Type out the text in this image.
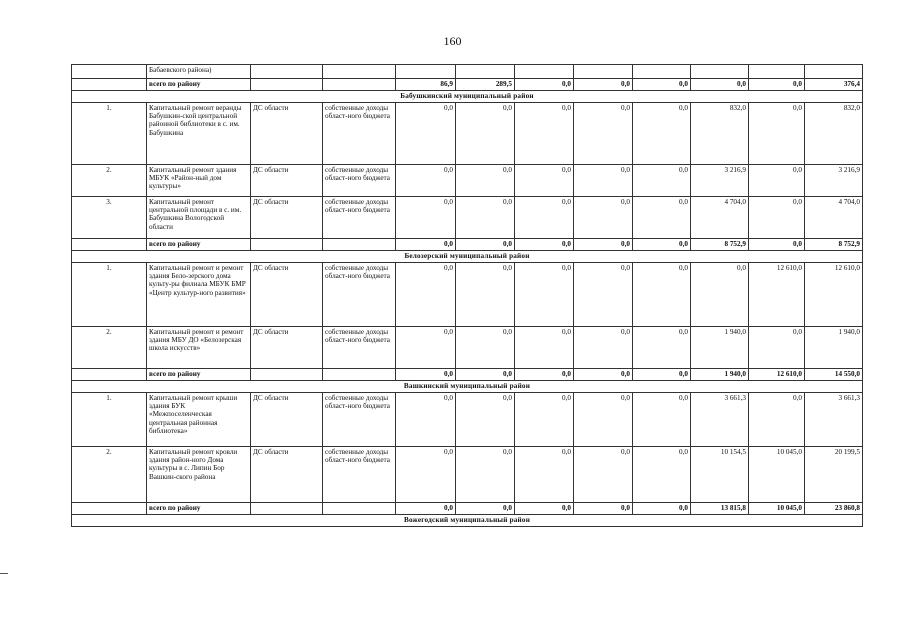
160
	Бабаевского района)										
	всего по району			86,9	289,5	0,0	0,0	0,0	0,0	0,0	376,4
Бабушкинский муниципальный район											
1.	Капитальный ремонт веранды Бабушкин-ской центральной районной библиотеки в с. им. Бабушкина	ДС области	собственные доходы област-ного бюджета	0,0	0,0	0,0	0,0	0,0	832,0	0,0	832,0
2.	Капитальный ремонт здания МБУК «Район-ный дом культуры»	ДС области	собственные доходы област-ного бюджета	0,0	0,0	0,0	0,0	0,0	3 216,9	0,0	3 216,9
3.	Капитальный ремонт центральной площади в с. им. Бабушкина Вологодской области	ДС области	собственные доходы област-ного бюджета	0,0	0,0	0,0	0,0	0,0	4 704,0	0,0	4 704,0
	всего по району			0,0	0,0	0,0	0,0	0,0	8 752,9	0,0	8 752,9
Белозерский муниципальный район											
1.	Капитальный ремонт и ремонт здания Бело-зерского дома культу-ры филиала МБУК БМР «Центр культур-ного развития»	ДС области	собственные доходы област-ного бюджета	0,0	0,0	0,0	0,0	0,0	0,0	12 610,0	12 610,0
2.	Капитальный ремонт и ремонт здания МБУ ДО «Белозерская школа искусств»	ДС области	собственные доходы област-ного бюджета	0,0	0,0	0,0	0,0	0,0	1 940,0	0,0	1 940,0
	всего по району			0,0	0,0	0,0	0,0	0,0	1 940,0	12 610,0	14 550,0
Вашкинский муниципальный район											
1.	Капитальный ремонт крыши здания БУК «Межпоселенческая центральная районная библиотека»	ДС области	собственные доходы област-ного бюджета	0,0	0,0	0,0	0,0	0,0	3 661,3	0,0	3 661,3
2.	Капитальный ремонт кровли здания район-ного Дома культуры в с. Липин Бор Вашкин-ского района	ДС области	собственные доходы област-ного бюджета	0,0	0,0	0,0	0,0	0,0	10 154,5	10 045,0	20 199,5
	всего по району			0,0	0,0	0,0	0,0	0,0	13 815,8	10 045,0	23 860,8
Вожегодский муниципальный район											
